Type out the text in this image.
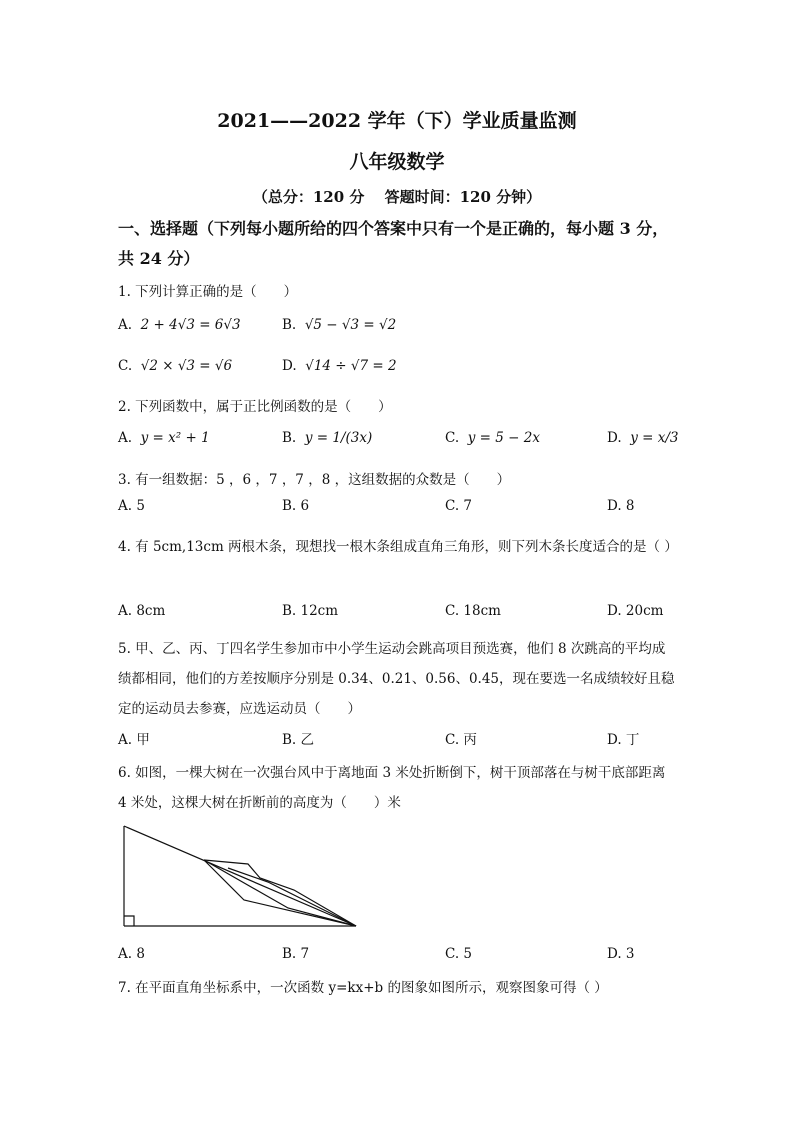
2021——2022 学年（下）学业质量监测
八年级数学
（总分：120 分　 答题时间：120 分钟）
一、选择题（下列每小题所给的四个答案中只有一个是正确的，每小题 3 分，共 24 分）
1. 下列计算正确的是（　　）
A. 2 + 4√3 = 6√3	B. √5 − √3 = √2
C. √2 × √3 = √6	D. √14 ÷ √7 = 2
2. 下列函数中，属于正比例函数的是（　　）
A. y = x² + 1	B. y = 1/(3x)	C. y = 5 − 2x	D. y = x/3
3. 有一组数据：5 ，6 ，7 ，7 ，8 ，这组数据的众数是（　　）
A. 5	B. 6	C. 7	D. 8
4. 有 5cm,13cm 两根木条，现想找一根木条组成直角三角形，则下列木条长度适合的是（ ）
A. 8cm	B. 12cm	C. 18cm	D. 20cm
5. 甲、乙、丙、丁四名学生参加市中小学生运动会跳高项目预选赛，他们 8 次跳高的平均成绩都相同，他们的方差按顺序分别是 0.34、0.21、0.56、0.45，现在要选一名成绩较好且稳定的运动员去参赛，应选运动员（　　）
A. 甲	B. 乙	C. 丙	D. 丁
6. 如图，一棵大树在一次强台风中于离地面 3 米处折断倒下，树干顶部落在与树干底部距离 4 米处，这棵大树在折断前的高度为（　　）米
A. 8	B. 7	C. 5	D. 3
7. 在平面直角坐标系中，一次函数 y=kx+b 的图象如图所示，观察图象可得（ ）
